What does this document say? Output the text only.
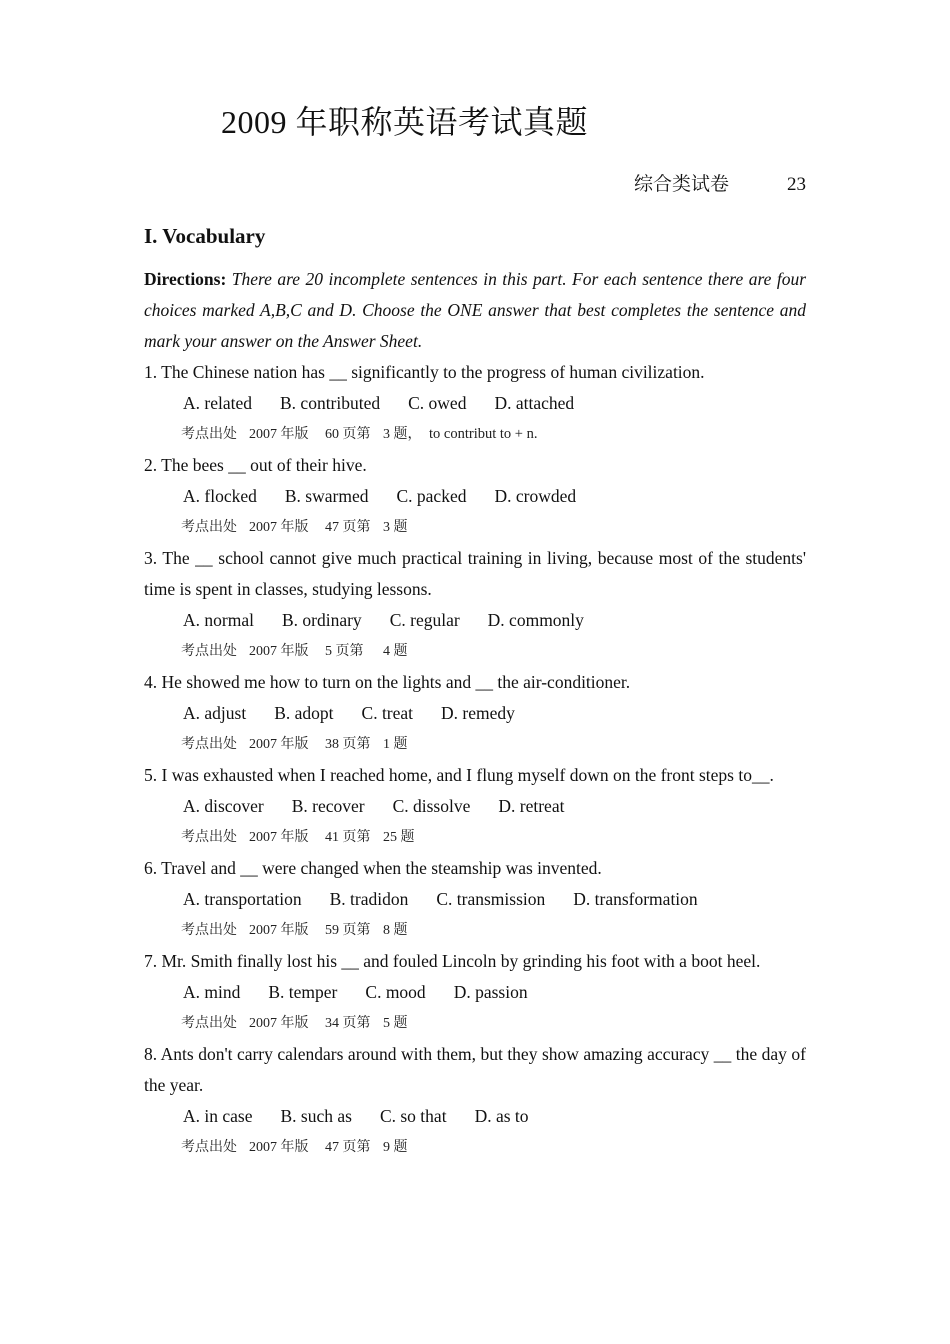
2009 年职称英语考试真题
综合类试卷	23
I. Vocabulary

Directions: There are 20 incomplete sentences in this part. For each sentence there are four choices marked A,B,C and D. Choose the ONE answer that best completes the sentence and mark your answer on the Answer Sheet.

1. The Chinese nation has __ significantly to the progress of human civilization.

A. related B. contributed C. owed D. attached

考点出处 2007 年版 60 页第 3 题， to contribut to + n.

2. The bees __ out of their hive.

A. flocked B. swarmed C. packed D. crowded

考点出处 2007 年版 47 页第 3 题

3. The __ school cannot give much practical training in living, because most of the students' time is spent in classes, studying lessons.

A. normal B. ordinary C. regular D. commonly

考点出处 2007 年版 5 页第 4 题

4. He showed me how to turn on the lights and __ the air-conditioner.

A. adjust B. adopt C. treat D. remedy

考点出处 2007 年版 38 页第 1 题

5. I was exhausted when I reached home, and I flung myself down on the front steps to__.

A. discover B. recover C. dissolve D. retreat

考点出处 2007 年版 41 页第 25 题

6. Travel and __ were changed when the steamship was invented.

A. transportation B. tradidon C. transmission D. transformation

考点出处 2007 年版 59 页第 8 题

7. Mr. Smith finally lost his __ and fouled Lincoln by grinding his foot with a boot heel.

A. mind B. temper C. mood D. passion

考点出处 2007 年版 34 页第 5 题

8. Ants don't carry calendars around with them, but they show amazing accuracy __ the day of the year.

A. in case B. such as C. so that D. as to

考点出处 2007 年版 47 页第 9 题
